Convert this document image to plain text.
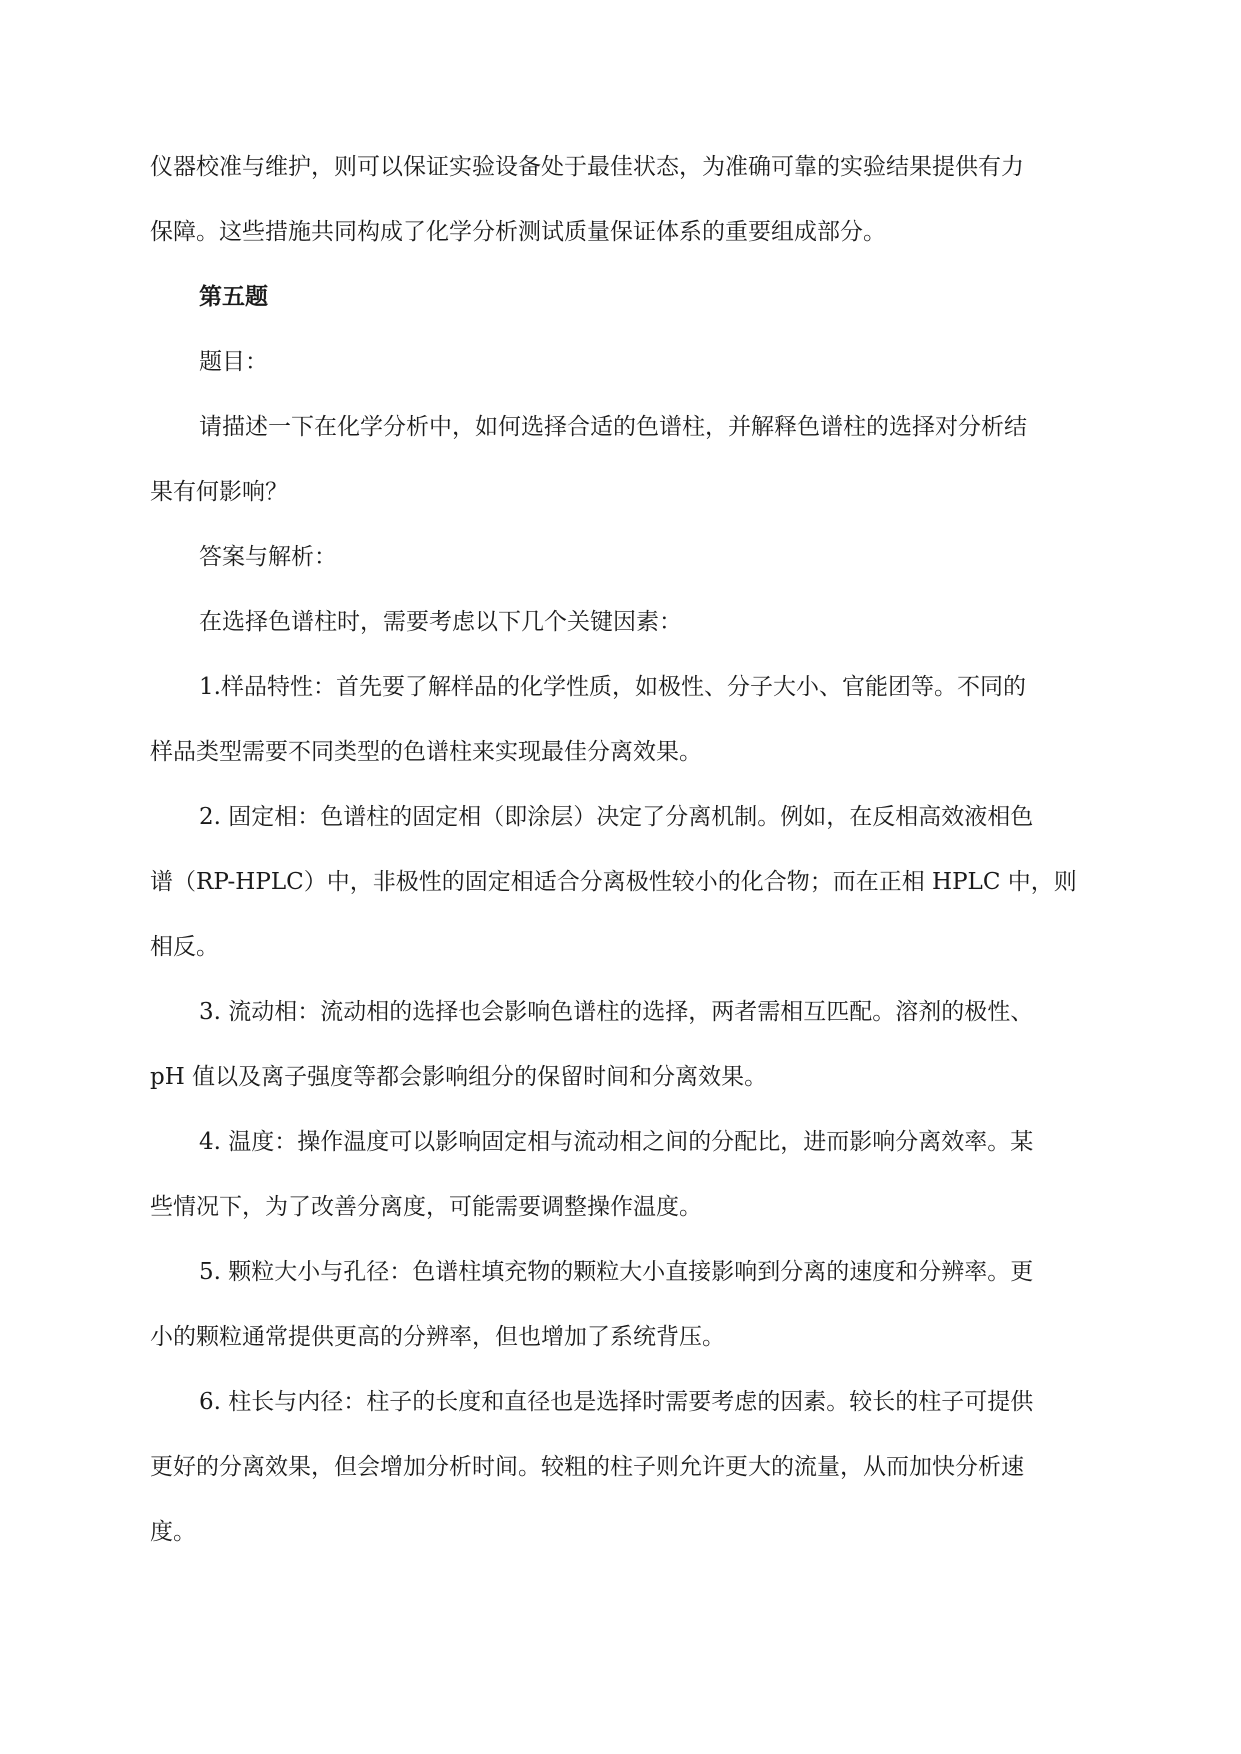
仪器校准与维护，则可以保证实验设备处于最佳状态，为准确可靠的实验结果提供有力

保障。这些措施共同构成了化学分析测试质量保证体系的重要组成部分。

第五题

题目：

请描述一下在化学分析中，如何选择合适的色谱柱，并解释色谱柱的选择对分析结

果有何影响？

答案与解析：

在选择色谱柱时，需要考虑以下几个关键因素：

1.样品特性：首先要了解样品的化学性质，如极性、分子大小、官能团等。不同的

样品类型需要不同类型的色谱柱来实现最佳分离效果。

2. 固定相：色谱柱的固定相（即涂层）决定了分离机制。例如，在反相高效液相色

谱（RP-HPLC）中，非极性的固定相适合分离极性较小的化合物；而在正相 HPLC 中，则

相反。

3. 流动相：流动相的选择也会影响色谱柱的选择，两者需相互匹配。溶剂的极性、

pH 值以及离子强度等都会影响组分的保留时间和分离效果。

4. 温度：操作温度可以影响固定相与流动相之间的分配比，进而影响分离效率。某

些情况下，为了改善分离度，可能需要调整操作温度。

5. 颗粒大小与孔径：色谱柱填充物的颗粒大小直接影响到分离的速度和分辨率。更

小的颗粒通常提供更高的分辨率，但也增加了系统背压。

6. 柱长与内径：柱子的长度和直径也是选择时需要考虑的因素。较长的柱子可提供

更好的分离效果，但会增加分析时间。较粗的柱子则允许更大的流量，从而加快分析速

度。
